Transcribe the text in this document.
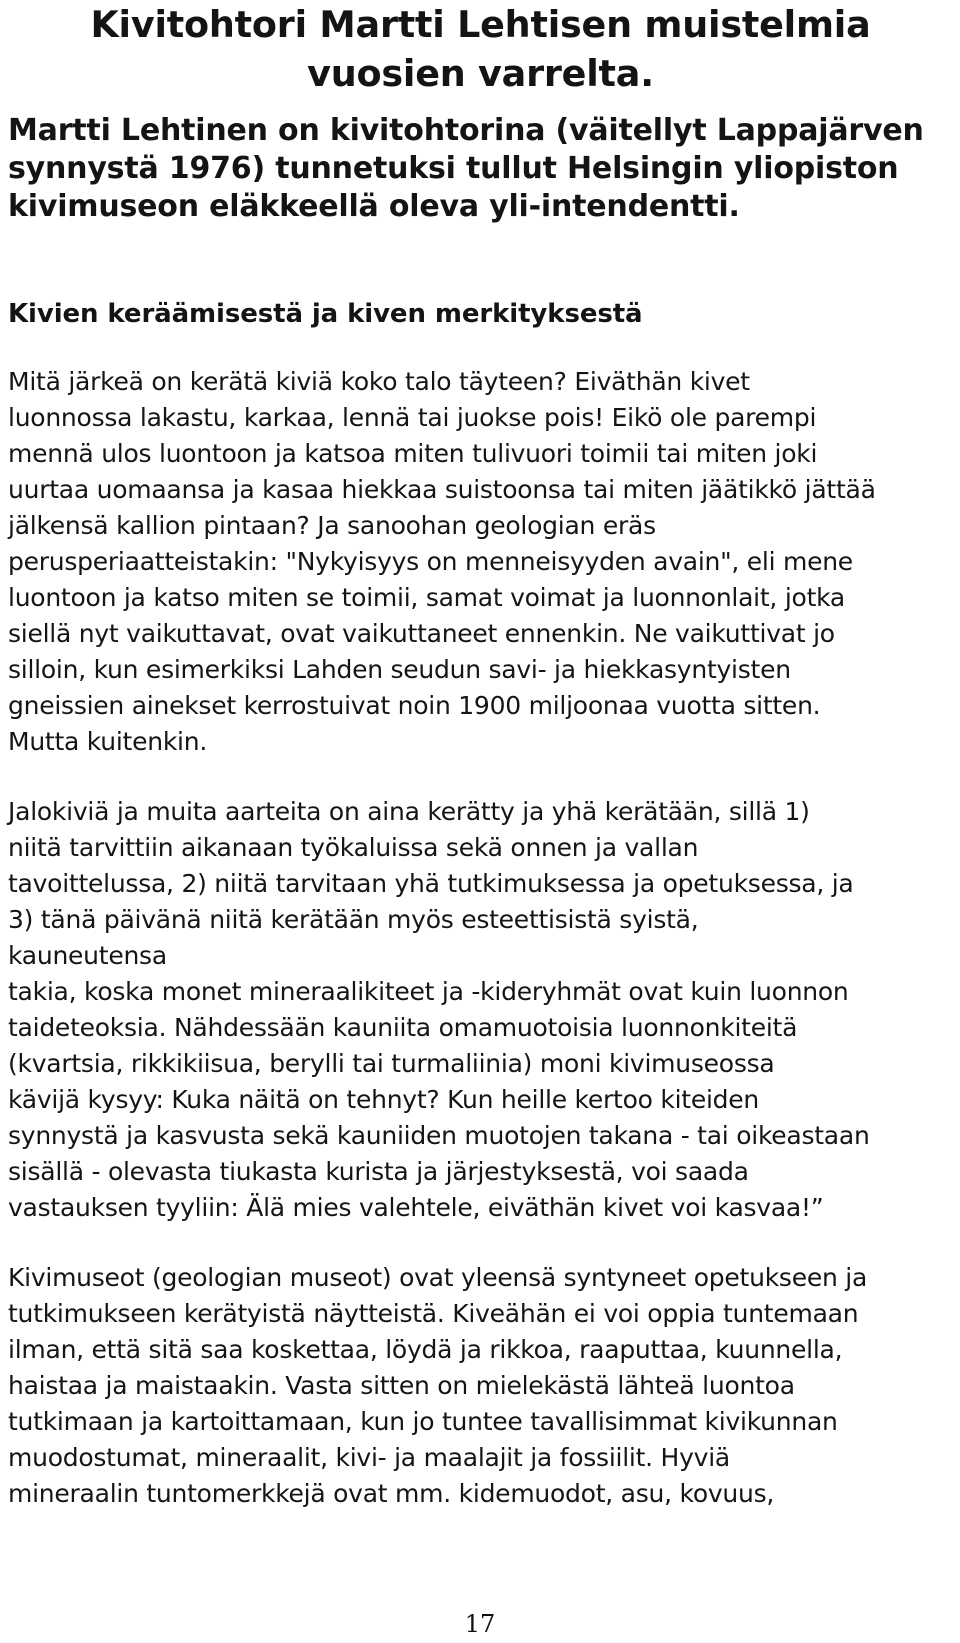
Kivitohtori Martti Lehtisen muistelmia
vuosien varrelta.
Martti Lehtinen on kivitohtorina (väitellyt Lappajärven
synnystä 1976) tunnetuksi tullut Helsingin yliopiston
kivimuseon eläkkeellä oleva yli-intendentti.
Kivien keräämisestä ja kiven merkityksestä

Mitä järkeä on kerätä kiviä koko talo täyteen? Eiväthän kivet
luonnossa lakastu, karkaa, lennä tai juokse pois! Eikö ole parempi
mennä ulos luontoon ja katsoa miten tulivuori toimii tai miten joki
uurtaa uomaansa ja kasaa hiekkaa suistoonsa tai miten jäätikkö jättää
jälkensä kallion pintaan? Ja sanoohan geologian eräs
perusperiaatteistakin: "Nykyisyys on menneisyyden avain", eli mene
luontoon ja katso miten se toimii, samat voimat ja luonnonlait, jotka
siellä nyt vaikuttavat, ovat vaikuttaneet ennenkin. Ne vaikuttivat jo
silloin, kun esimerkiksi Lahden seudun savi- ja hiekkasyntyisten
gneissien ainekset kerrostuivat noin 1900 miljoonaa vuotta sitten.
Mutta kuitenkin.

Jalokiviä ja muita aarteita on aina kerätty ja yhä kerätään, sillä 1)
niitä tarvittiin aikanaan työkaluissa sekä onnen ja vallan
tavoittelussa, 2) niitä tarvitaan yhä tutkimuksessa ja opetuksessa, ja
3) tänä päivänä niitä kerätään myös esteettisistä syistä,
kauneutensa
takia, koska monet mineraalikiteet ja -kideryhmät ovat kuin luonnon
taideteoksia. Nähdessään kauniita omamuotoisia luonnonkiteitä
(kvartsia, rikkikiisua, berylli tai turmaliinia) moni kivimuseossa
kävijä kysyy: Kuka näitä on tehnyt? Kun heille kertoo kiteiden
synnystä ja kasvusta sekä kauniiden muotojen takana - tai oikeastaan
sisällä - olevasta tiukasta kurista ja järjestyksestä, voi saada
vastauksen tyyliin: Älä mies valehtele, eiväthän kivet voi kasvaa!”

Kivimuseot (geologian museot) ovat yleensä syntyneet opetukseen ja
tutkimukseen kerätyistä näytteistä. Kiveähän ei voi oppia tuntemaan
ilman, että sitä saa koskettaa, löydä ja rikkoa, raaputtaa, kuunnella,
haistaa ja maistaakin. Vasta sitten on mielekästä lähteä luontoa
tutkimaan ja kartoittamaan, kun jo tuntee tavallisimmat kivikunnan
muodostumat, mineraalit, kivi- ja maalajit ja fossiilit. Hyviä
mineraalin tuntomerkkejä ovat mm. kidemuodot, asu, kovuus,

17
